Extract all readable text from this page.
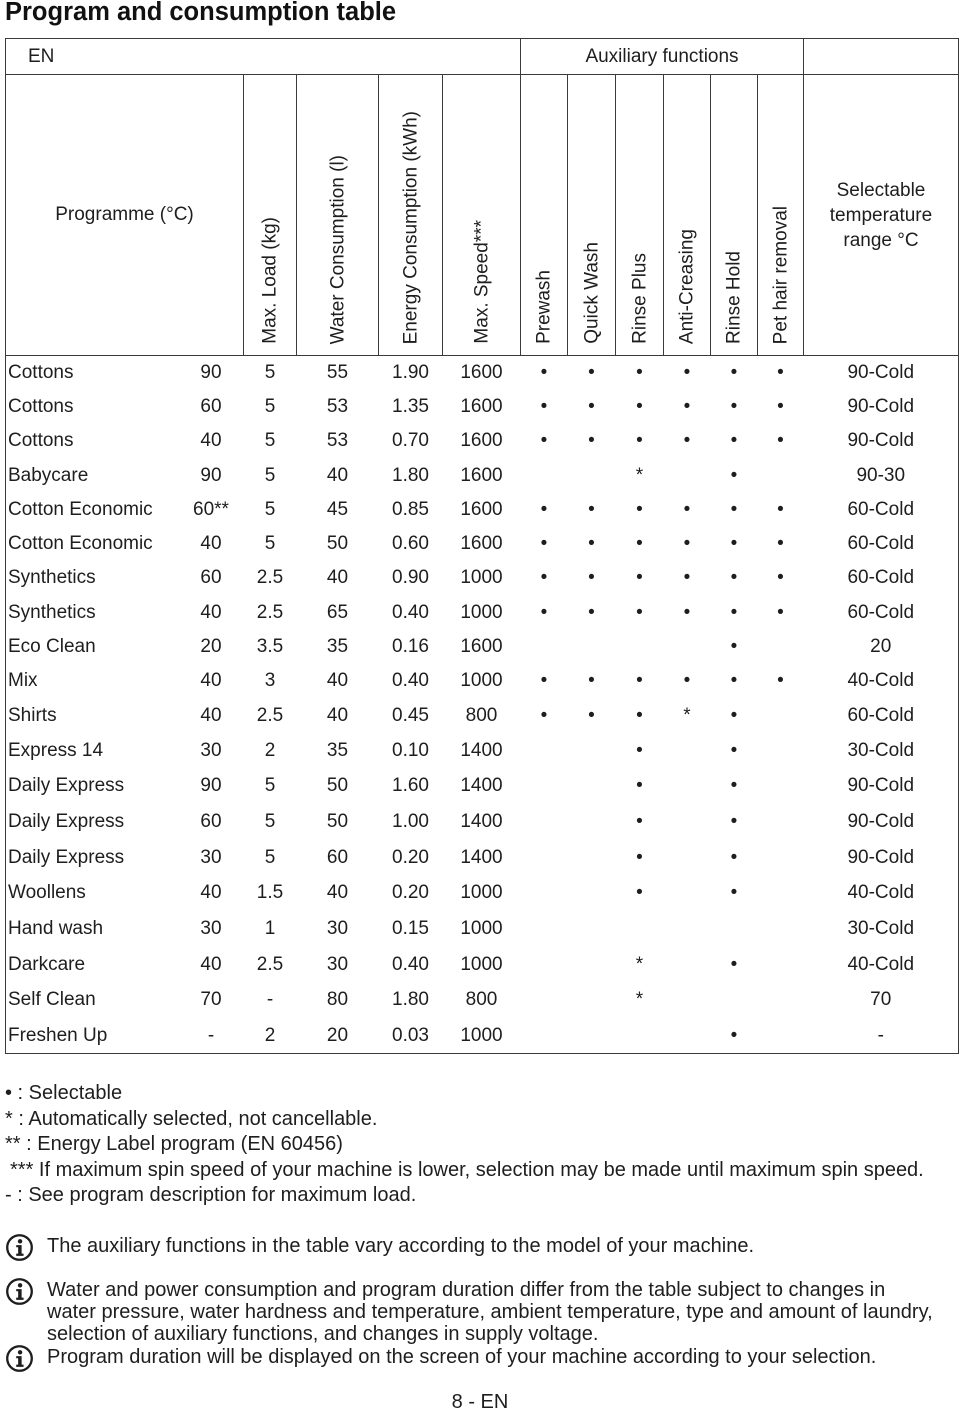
Program and consumption table
EN						Auxiliary functions						
Programme (°C)		Max. Load (kg)	Water Consumption (l)	Energy Consumption (kWh)	Max. Speed***	Prewash	Quick Wash	Rinse Plus	Anti-Creasing	Rinse Hold	Pet hair removal	Selectable
temperature
range °C

Cottons	90	5	55	1.90	1600	•	•	•	•	•	•	90-Cold
Cottons	60	5	53	1.35	1600	•	•	•	•	•	•	90-Cold
Cottons	40	5	53	0.70	1600	•	•	•	•	•	•	90-Cold
Babycare	90	5	40	1.80	1600			*		•		90-30
Cotton Economic	60**	5	45	0.85	1600	•	•	•	•	•	•	60-Cold
Cotton Economic	40	5	50	0.60	1600	•	•	•	•	•	•	60-Cold
Synthetics	60	2.5	40	0.90	1000	•	•	•	•	•	•	60-Cold
Synthetics	40	2.5	65	0.40	1000	•	•	•	•	•	•	60-Cold
Eco Clean	20	3.5	35	0.16	1600					•		20
Mix	40	3	40	0.40	1000	•	•	•	•	•	•	40-Cold
Shirts	40	2.5	40	0.45	800	•	•	•	*	•		60-Cold
Express 14	30	2	35	0.10	1400			•		•		30-Cold
Daily Express	90	5	50	1.60	1400			•		•		90-Cold
Daily Express	60	5	50	1.00	1400			•		•		90-Cold
Daily Express	30	5	60	0.20	1400			•		•		90-Cold
Woollens	40	1.5	40	0.20	1000			•		•		40-Cold
Hand wash	30	1	30	0.15	1000							30-Cold
Darkcare	40	2.5	30	0.40	1000			*		•		40-Cold
Self Clean	70	-	80	1.80	800			*				70
Freshen Up	-	2	20	0.03	1000					•		-
• : Selectable
* : Automatically selected, not cancellable.
** : Energy Label program (EN 60456)
*** If maximum spin speed of your machine is lower, selection may be made until maximum spin speed.
- : See program description for maximum load.
The auxiliary functions in the table vary according to the model of your machine.
Water and power consumption and program duration differ from the table subject to changes in
water pressure, water hardness and temperature, ambient temperature, type and amount of laundry,
selection of auxiliary functions, and changes in supply voltage.
Program duration will be displayed on the screen of your machine according to your selection.
8 - EN
